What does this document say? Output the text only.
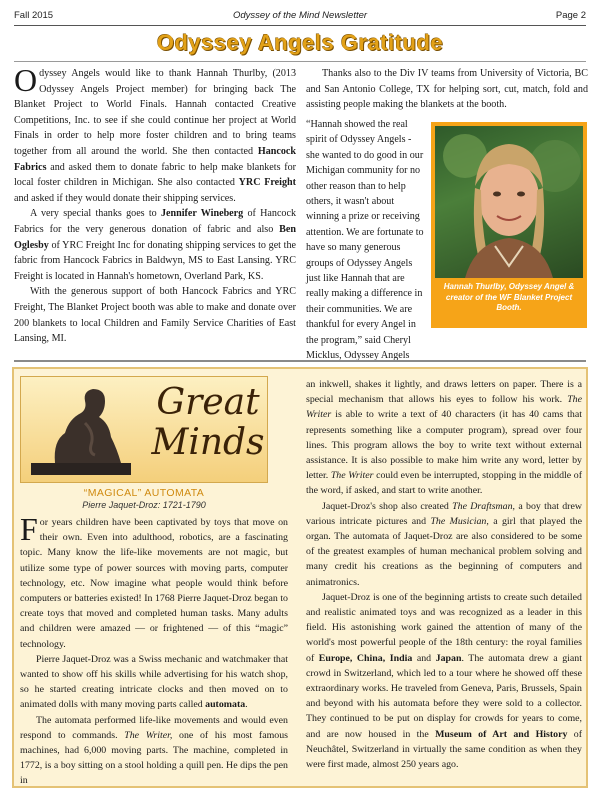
Fall 2015	Odyssey of the Mind Newsletter	Page 2
Odyssey Angels Gratitude

Odyssey Angels would like to thank Hannah Thurlby, (2013 Odyssey Angels Project member) for bringing back The Blanket Project to World Finals. Hannah contacted Creative Competitions, Inc. to see if she could continue her project at World Finals in order to help more foster children and to bring teams together from all around the world. She then contacted Hancock Fabrics and asked them to donate fabric to help make blankets for local foster children in Michigan. She also contacted YRC Freight and asked if they would donate their shipping services.

A very special thanks goes to Jennifer Wineberg of Hancock Fabrics for the very generous donation of fabric and also Ben Oglesby of YRC Freight Inc for donating shipping services to get the fabric from Hancock Fabrics in Baldwyn, MS to East Lansing. YRC Freight is located in Hannah's hometown, Overland Park, KS.

With the generous support of both Hancock Fabrics and YRC Freight, The Blanket Project booth was able to make and donate over 200 blankets to local Children and Family Service Charities of East Lansing, MI.

Thanks also to the Div IV teams from University of Victoria, BC and San Antonio College, TX for helping sort, cut, match, fold and assisting people making the blankets at the booth.

“Hannah showed the real spirit of Odyssey Angels - she wanted to do good in our Michigan community for no other reason than to help others, it wasn't about winning a prize or receiving attention. We are fortunate to have so many generous groups of Odyssey Angels just like Hannah that are really making a difference in their communities. We are thankful for every Angel in the program,” said Cheryl Micklus, Odyssey Angels
Hannah Thurlby, Odyssey Angel & creator of the WF Blanket Project Booth.
Great
Minds
“MAGICAL” AUTOMATA
Pierre Jaquet-Droz: 1721-1790

For years children have been captivated by toys that move on their own. Even into adulthood, robotics, are a fascinating topic. Many know the life-like movements are not magic, but utilize some type of power sources with moving parts, computer technology, etc. Now imagine what people would think before computers or batteries existed! In 1768 Pierre Jaquet-Droz began to create toys that moved and completed human tasks. Many adults and children were amazed — or frightened — of this “magic” technology.

Pierre Jaquet-Droz was a Swiss mechanic and watchmaker that wanted to show off his skills while advertising for his watch shop, so he started creating intricate clocks and then moved on to animated dolls with many moving parts called automata.

The automata performed life-like movements and would even respond to commands. The Writer, one of his most famous machines, had 6,000 moving parts. The machine, completed in 1772, is a boy sitting on a stool holding a quill pen. He dips the pen in

an inkwell, shakes it lightly, and draws letters on paper. There is a special mechanism that allows his eyes to follow his work. The Writer is able to write a text of 40 characters (it has 40 cams that represents something like a computer program), spread over four lines. This program allows the boy to write text without external assistance. It is also possible to make him write any word, letter by letter. The Writer could even be interrupted, stopping in the middle of the word, if asked, and start to write another.

Jaquet-Droz's shop also created The Draftsman, a boy that drew various intricate pictures and The Musician, a girl that played the organ. The automata of Jaquet-Droz are also considered to be some of the greatest examples of human mechanical problem solving and many credit his creations as the beginning of computers and animatronics.

Jaquet-Droz is one of the beginning artists to create such detailed and realistic animated toys and was recognized as a leader in this field. His astonishing work gained the attention of many of the world's most powerful people of the 18th century: the royal families of Europe, China, India and Japan. The automata drew a giant crowd in Switzerland, which led to a tour where he showed off these extraordinary works. He traveled from Geneva, Paris, Brussels, Spain and beyond with his automata before they were sold to a collector. They continued to be put on display for crowds for years to come, and are now housed in the Museum of Art and History of Neuchâtel, Switzerland in virtually the same condition as when they were first made, almost 250 years ago.
